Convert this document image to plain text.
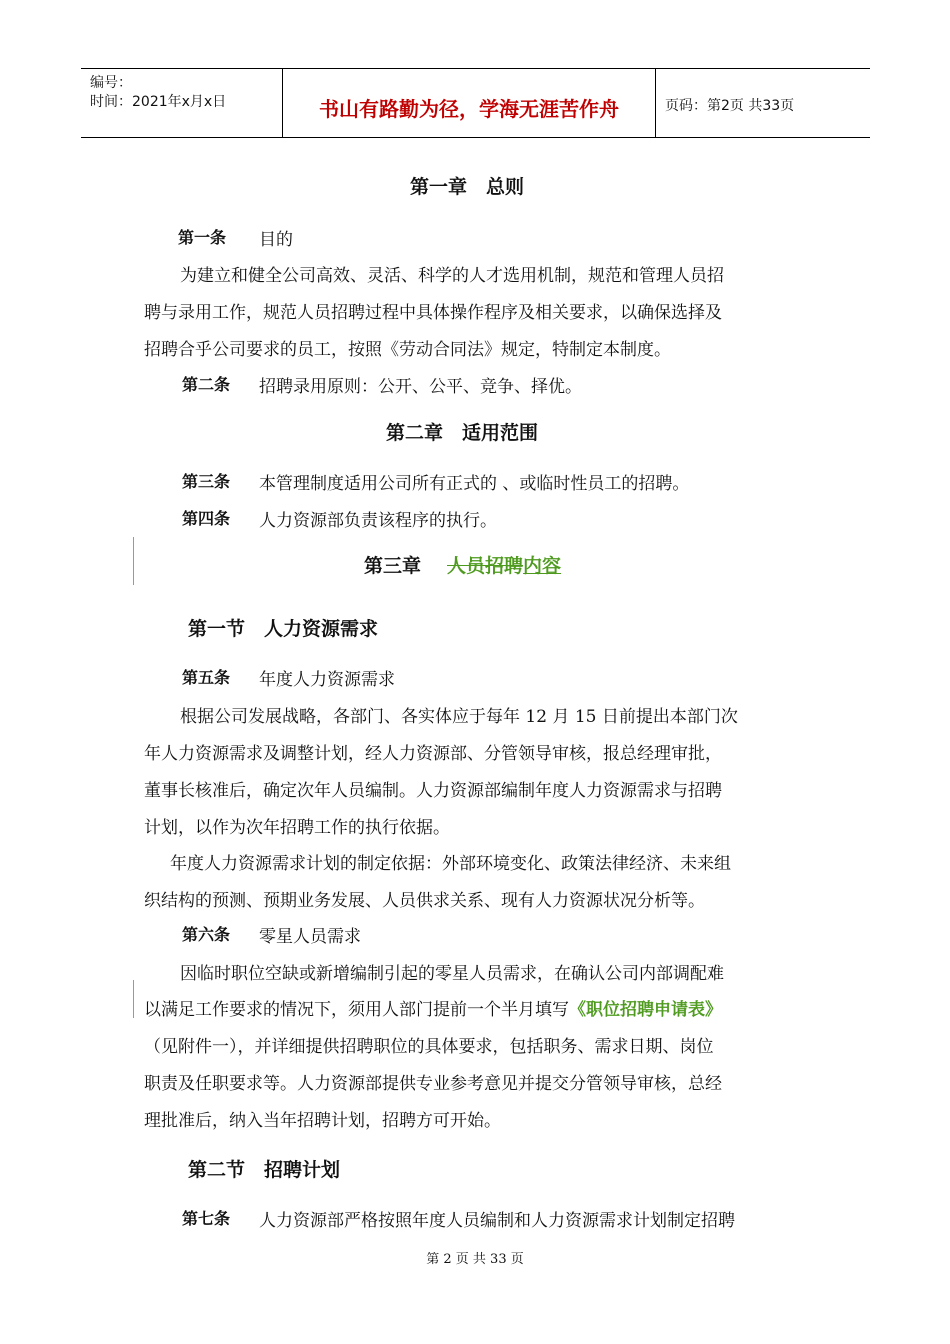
编号：
时间：2021年x月x日	书山有路勤为径，学海无涯苦作舟	页码：第2页 共33页
第一章　总则
第一条 目的
为建立和健全公司高效、灵活、科学的人才选用机制，规范和管理人员招
聘与录用工作，规范人员招聘过程中具体操作程序及相关要求，以确保选择及
招聘合乎公司要求的员工，按照《劳动合同法》规定，特制定本制度。
第二条 招聘录用原则：公开、公平、竞争、择优。
第二章　适用范围
第三条 本管理制度适用公司所有正式的 、或临时性员工的招聘。
第四条 人力资源部负责该程序的执行。
第三章 人员招聘内容
第一节　人力资源需求
第五条 年度人力资源需求
根据公司发展战略，各部门、各实体应于每年 12 月 15 日前提出本部门次
年人力资源需求及调整计划，经人力资源部、分管领导审核，报总经理审批，
董事长核准后，确定次年人员编制。人力资源部编制年度人力资源需求与招聘
计划，以作为次年招聘工作的执行依据。
年度人力资源需求计划的制定依据：外部环境变化、政策法律经济、未来组
织结构的预测、预期业务发展、人员供求关系、现有人力资源状况分析等。
第六条 零星人员需求
因临时职位空缺或新增编制引起的零星人员需求，在确认公司内部调配难
以满足工作要求的情况下，须用人部门提前一个半月填写《职位招聘申请表》
（见附件一），并详细提供招聘职位的具体要求，包括职务、需求日期、岗位
职责及任职要求等。人力资源部提供专业参考意见并提交分管领导审核，总经
理批准后，纳入当年招聘计划，招聘方可开始。
第二节　招聘计划
第七条 人力资源部严格按照年度人员编制和人力资源需求计划制定招聘
第 2 页 共 33 页
